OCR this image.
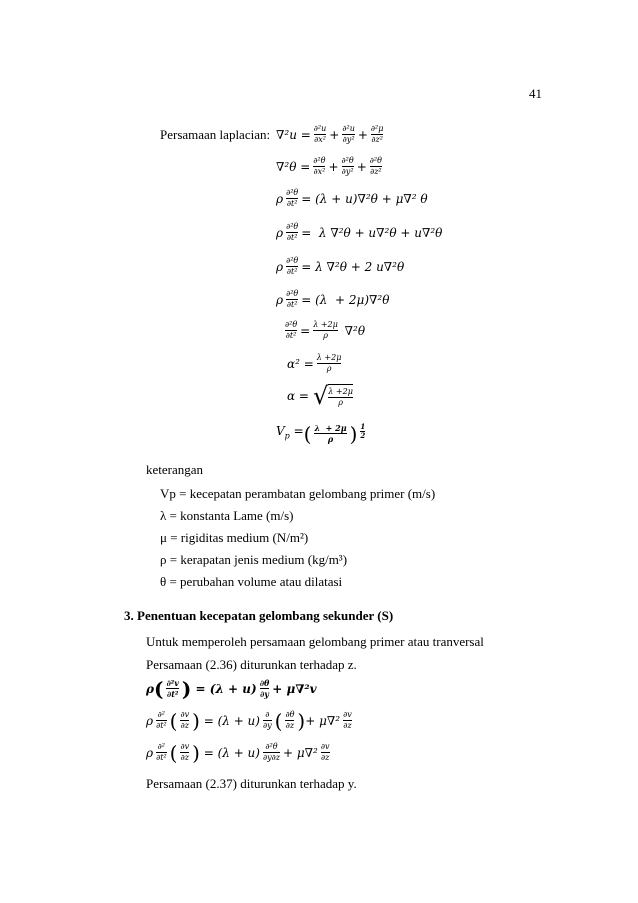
41
Persamaan laplacian: $\nabla^2u = \frac{\text{∂²u}}{\text{∂x²}} + \frac{\text{∂²u}}{\text{∂y²}} + \frac{\text{∂²μ}}{\text{∂z²}}$
$\nabla^2\theta = \frac{\text{∂²θ}}{\text{∂x²}} + \frac{\text{∂²θ}}{\text{∂y²}} + \frac{\text{∂²θ}}{\text{∂z²}}$
ρ $\frac{\text{∂²θ}}{\text{∂t²}} = (\lambda + u)\nabla^2\theta + \mu\nabla^2$ θ
ρ $\frac{\text{∂²θ}}{\text{∂t²}} = \lambda$ ∇²θ + u∇²θ + u∇²θ
ρ $\frac{\text{∂²θ}}{\text{∂t²}} = \lambda$ ∇²θ + 2 u∇²θ
ρ $\frac{\text{∂²θ}}{\text{∂t²}} = (\lambda + 2\mu)\nabla^2\theta$
$\frac{\text{∂²θ}}{\text{∂t²}} = \frac{\lambda +2\mu}{\rho} \nabla^2\theta$
$\alpha^2 = \frac{\lambda +2\mu}{\rho}$
α = √ $\frac{\lambda +2\mu}{\rho}$
$V_p$ = ( $\frac{\lambda + 2\mu}{\rho}$ ) $\frac{1}{2}$
keterangan
Vp = kecepatan perambatan gelombang primer (m/s)
λ = konstanta Lame (m/s)
μ = rigiditas medium (N/m²)
ρ = kerapatan jenis medium (kg/m³)
θ = perubahan volume atau dilatasi
3. Penentuan kecepatan gelombang sekunder (S)
Untuk memperoleh persamaan gelombang primer atau tranversal
Persamaan (2.36) diturunkan terhadap z.
ρ ( $\frac{\text{∂²v}}{\text{∂t²}}$ ) = $(\lambda + u) \frac{\partial\theta}{\partial y} + \mu\nabla^2v$
ρ $\frac{\text{∂²}}{\text{∂t²}}$ ( $\frac{\partial v}{\partial z}$ ) = $(\lambda + u) \frac{\partial}{\partial y}$ ( $\frac{\partial\theta}{\partial z}$ ) + $\mu\nabla^2 \frac{\partial v}{\partial z}$
ρ $\frac{\text{∂²}}{\text{∂t²}}$ ( $\frac{\partial v}{\partial z}$ ) = $(\lambda + u) \frac{\text{∂²θ}}{\partial y\partial z} + \mu\nabla^2 \frac{\partial v}{\partial z}$
Persamaan (2.37) diturunkan terhadap y.
